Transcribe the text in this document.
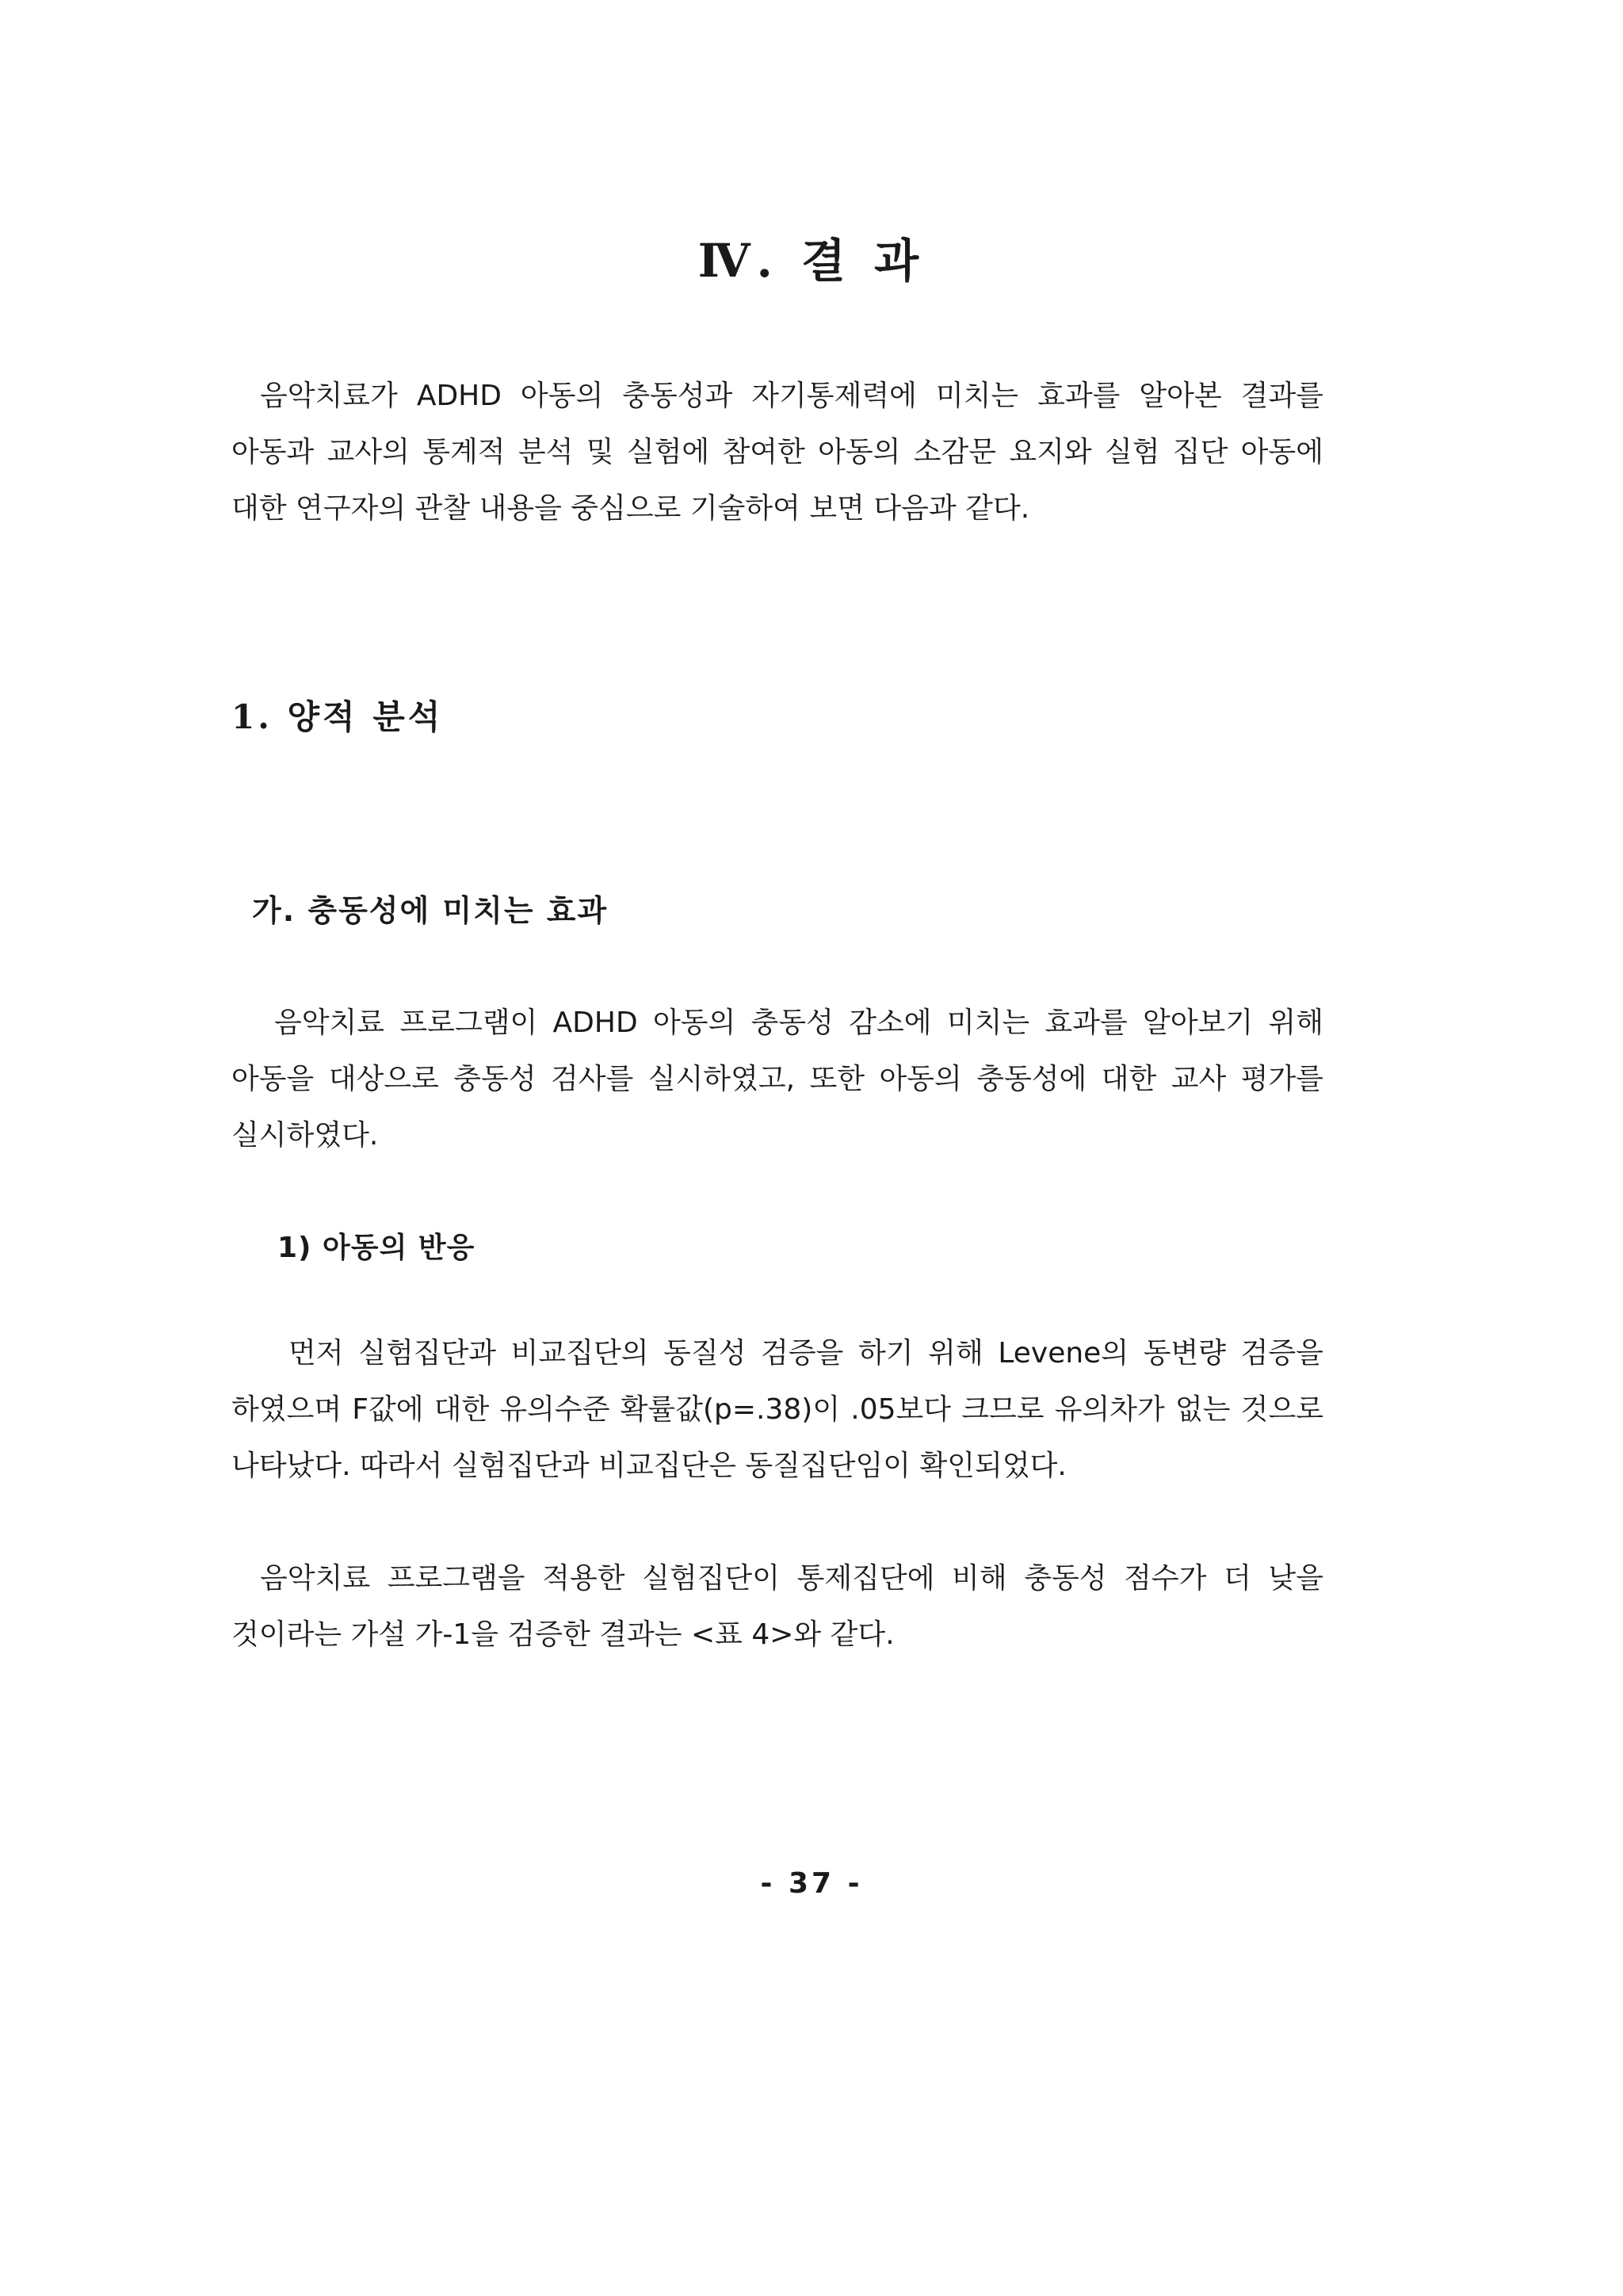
Ⅳ. 결 과

음악치료가 ADHD 아동의 충동성과 자기통제력에 미치는 효과를 알아본 결과를 아동과 교사의 통계적 분석 및 실험에 참여한 아동의 소감문 요지와 실험 집단 아동에 대한 연구자의 관찰 내용을 중심으로 기술하여 보면 다음과 같다.

1. 양적 분석
가. 충동성에 미치는 효과

음악치료 프로그램이 ADHD 아동의 충동성 감소에 미치는 효과를 알아보기 위해 아동을 대상으로 충동성 검사를 실시하였고, 또한 아동의 충동성에 대한 교사 평가를 실시하였다.

1) 아동의 반응

먼저 실험집단과 비교집단의 동질성 검증을 하기 위해 Levene의 동변량 검증을 하였으며 F값에 대한 유의수준 확률값(p=.38)이 .05보다 크므로 유의차가 없는 것으로 나타났다. 따라서 실험집단과 비교집단은 동질집단임이 확인되었다.

음악치료 프로그램을 적용한 실험집단이 통제집단에 비해 충동성 점수가 더 낮을 것이라는 가설 가-1을 검증한 결과는 <표 4>와 같다.

- 37 -
